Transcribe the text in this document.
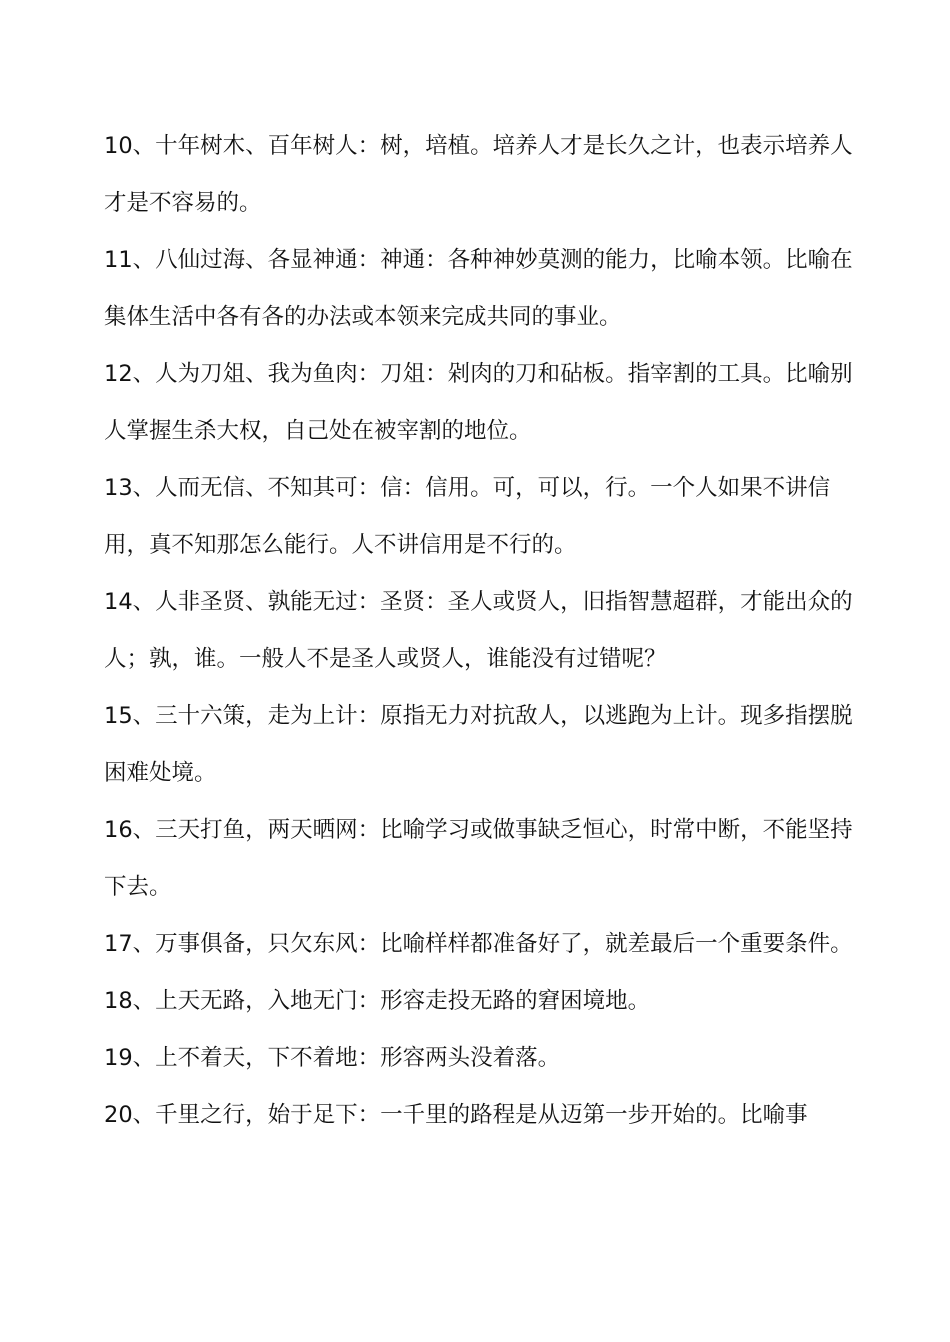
10、十年树木、百年树人：树，培植。培养人才是长久之计，也表示培养人才是不容易的。

11、八仙过海、各显神通：神通：各种神妙莫测的能力，比喻本领。比喻在集体生活中各有各的办法或本领来完成共同的事业。

12、人为刀俎、我为鱼肉：刀俎：剁肉的刀和砧板。指宰割的工具。比喻别人掌握生杀大权，自己处在被宰割的地位。

13、人而无信、不知其可：信：信用。可，可以，行。一个人如果不讲信用，真不知那怎么能行。人不讲信用是不行的。

14、人非圣贤、孰能无过：圣贤：圣人或贤人，旧指智慧超群，才能出众的人；孰，谁。一般人不是圣人或贤人，谁能没有过错呢？

15、三十六策，走为上计：原指无力对抗敌人，以逃跑为上计。现多指摆脱困难处境。

16、三天打鱼，两天晒网：比喻学习或做事缺乏恒心，时常中断，不能坚持下去。

17、万事俱备，只欠东风：比喻样样都准备好了，就差最后一个重要条件。

18、上天无路，入地无门：形容走投无路的窘困境地。

19、上不着天，下不着地：形容两头没着落。

20、千里之行，始于足下：一千里的路程是从迈第一步开始的。比喻事
